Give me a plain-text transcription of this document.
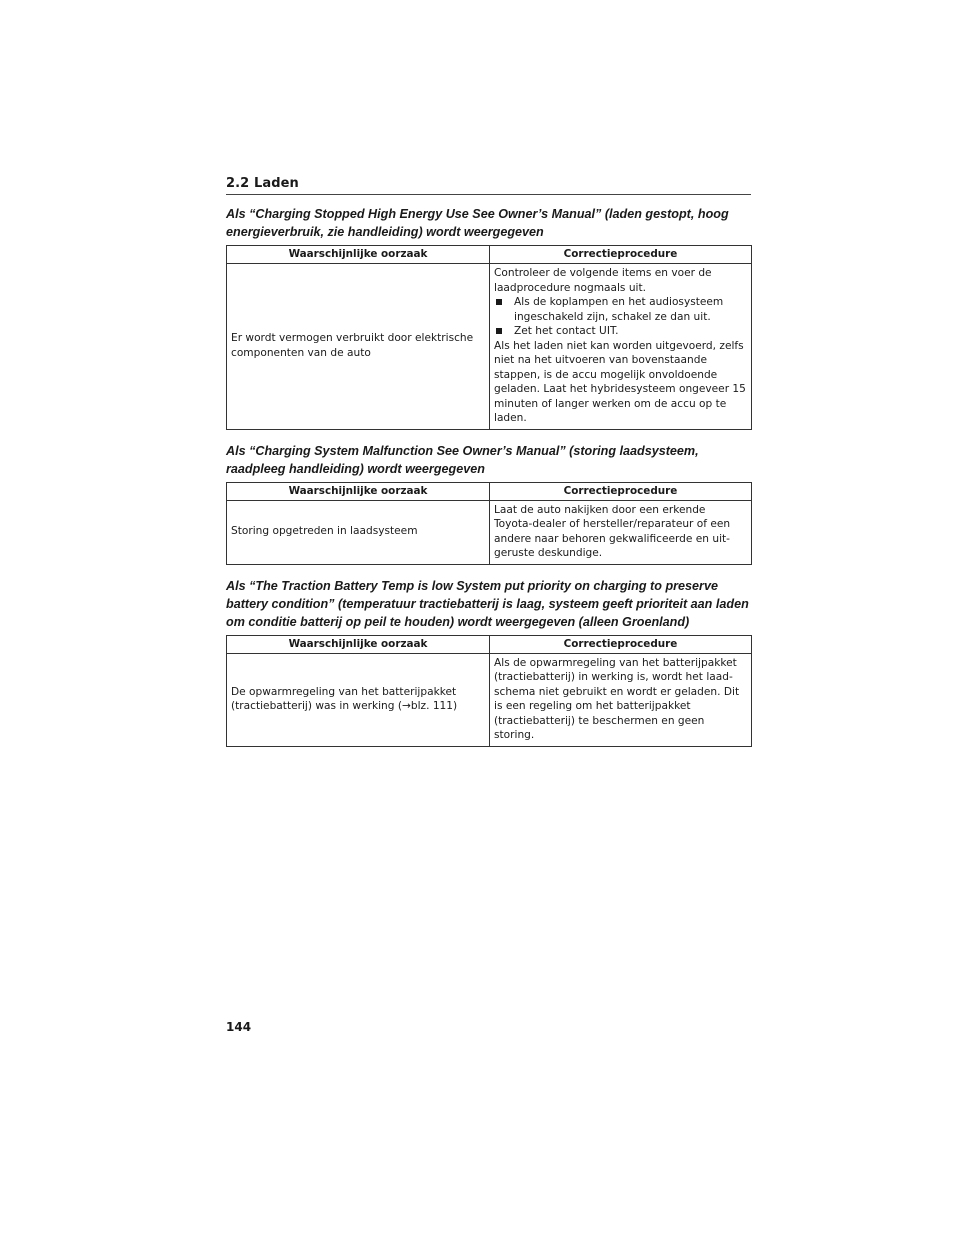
2.2 Laden
Als “Charging Stopped High Energy Use See Owner’s Manual” (laden gestopt, hoog energieverbruik, zie handleiding) wordt weergegeven
Waarschijnlijke oorzaak	Correctieprocedure
Er wordt vermogen verbruikt door elektrische componenten van de auto	Controleer de volgende items en voer de laadprocedure nogmaals uit.

Als de koplampen en het audiosysteem ingeschakeld zijn, schakel ze dan uit.

Zet het contact UIT.

Als het laden niet kan worden uitgevoerd, zelfs niet na het uitvoeren van bovenstaande stappen, is de accu mogelijk onvoldoende geladen. Laat het hybridesysteem ongeveer 15 minuten of langer werken om de accu op te laden.

Als “Charging System Malfunction See Owner’s Manual” (storing laadsysteem, raadpleeg handleiding) wordt weergegeven
Waarschijnlijke oorzaak	Correctieprocedure
Storing opgetreden in laadsysteem	Laat de auto nakijken door een erkende Toyota-dealer of hersteller/reparateur of een andere naar behoren gekwalificeerde en uit-geruste deskundige.
Als “The Traction Battery Temp is low System put priority on charging to preserve battery condition” (temperatuur tractiebatterij is laag, systeem geeft prioriteit aan laden om conditie batterij op peil te houden) wordt weergegeven (alleen Groenland)
Waarschijnlijke oorzaak	Correctieprocedure
De opwarmregeling van het batterijpakket (tractiebatterij) was in werking (→blz. 111)	Als de opwarmregeling van het batterijpakket (tractiebatterij) in werking is, wordt het laad-schema niet gebruikt en wordt er geladen. Dit is een regeling om het batterijpakket (tractiebatterij) te beschermen en geen storing.
144
